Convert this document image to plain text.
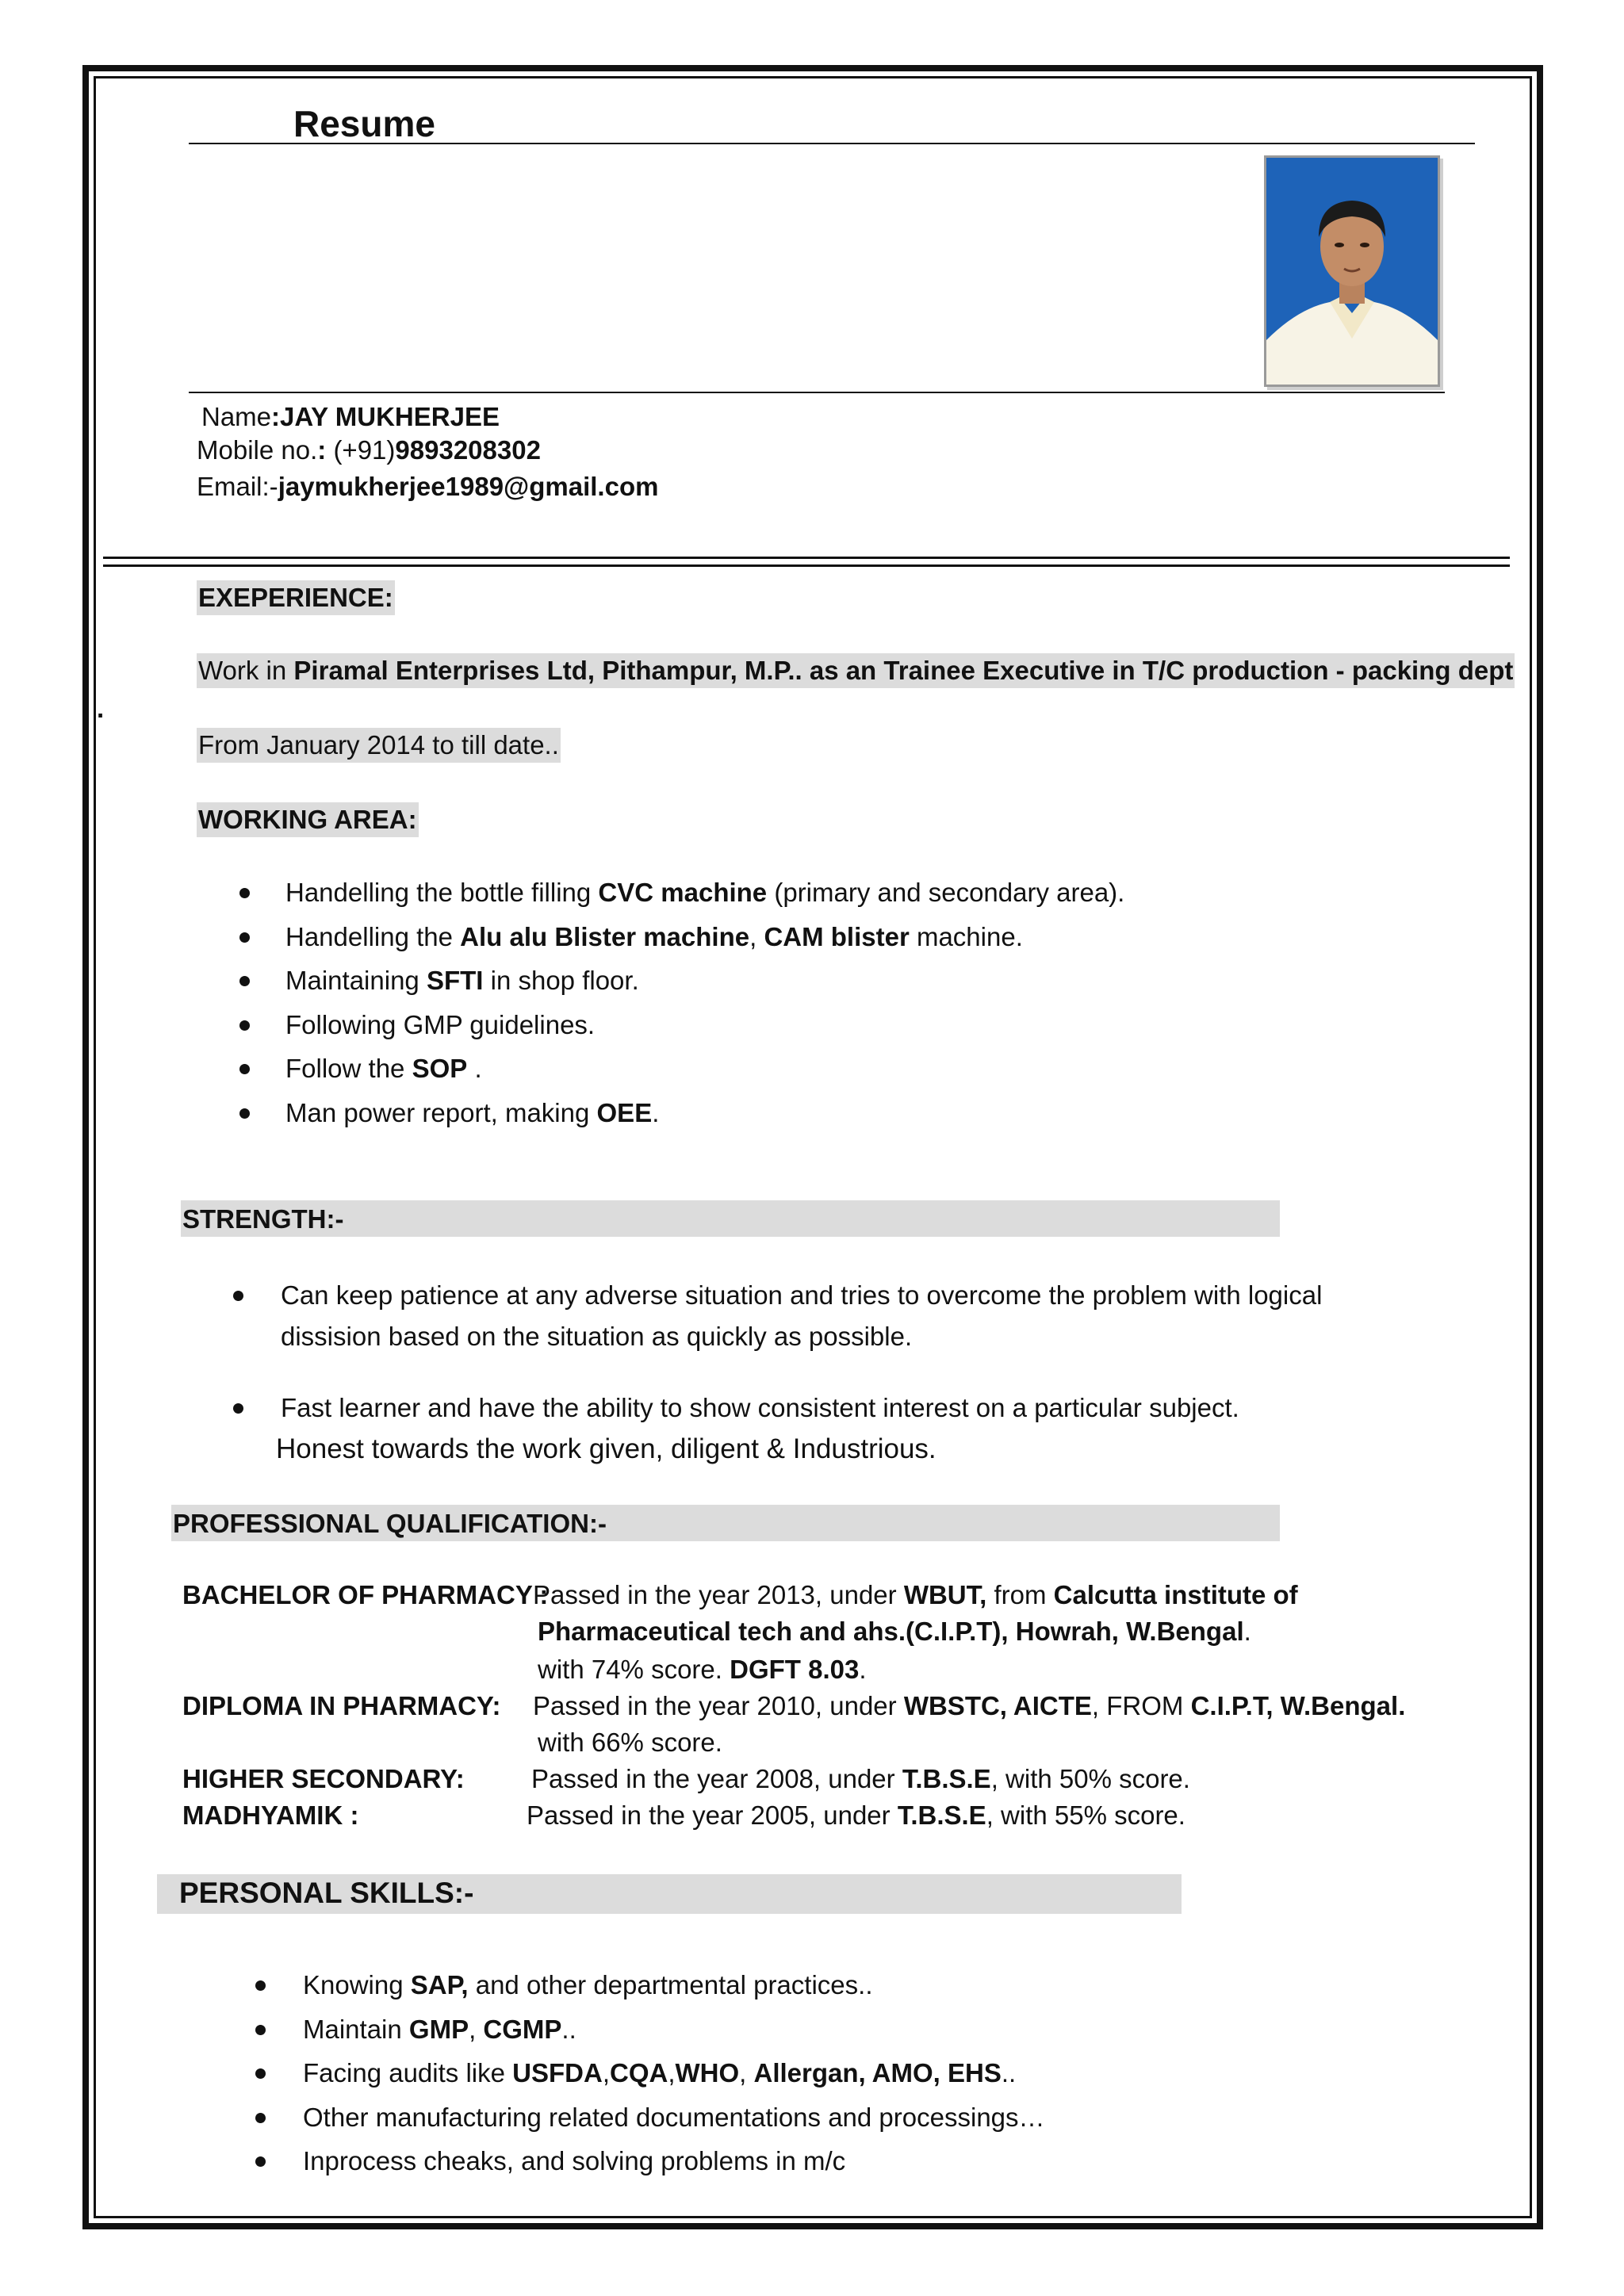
Resume
Name:JAY MUKHERJEE
Mobile no.: (+91)9893208302
Email:-jaymukherjee1989@gmail.com
EXEPERIENCE:
Work in Piramal Enterprises Ltd, Pithampur, M.P.. as an Trainee Executive in T/C production - packing dept
.
From January 2014 to till date..
WORKING AREA:
Handelling the bottle filling CVC machine (primary and secondary area).
Handelling the Alu alu Blister machine, CAM blister machine.
Maintaining SFTI in shop floor.
Following GMP guidelines.
Follow the SOP .
Man power report, making OEE.
STRENGTH:-
Can keep patience at any adverse situation and tries to overcome the problem with logical
dissision based on the situation as quickly as possible.
Fast learner and have the ability to show consistent interest on a particular subject.
Honest towards the work given, diligent & Industrious.
PROFESSIONAL QUALIFICATION:-
BACHELOR OF PHARMACY :
Passed in the year 2013, under WBUT, from Calcutta institute of
Pharmaceutical tech and ahs.(C.I.P.T), Howrah, W.Bengal.
with 74% score. DGFT 8.03.
DIPLOMA IN PHARMACY: Passed in the year 2010, under WBSTC, AICTE, FROM C.I.P.T, W.Bengal.
with 66% score.
HIGHER SECONDARY:	Passed in the year 2008, under T.B.S.E, with 50% score.
MADHYAMIK :	Passed in the year 2005, under T.B.S.E, with 55% score.
PERSONAL SKILLS:-
Knowing SAP, and other departmental practices..
Maintain GMP, CGMP..
Facing audits like USFDA,CQA,WHO, Allergan, AMO, EHS..
Other manufacturing related documentations and processings…
Inprocess cheaks, and solving problems in m/c
